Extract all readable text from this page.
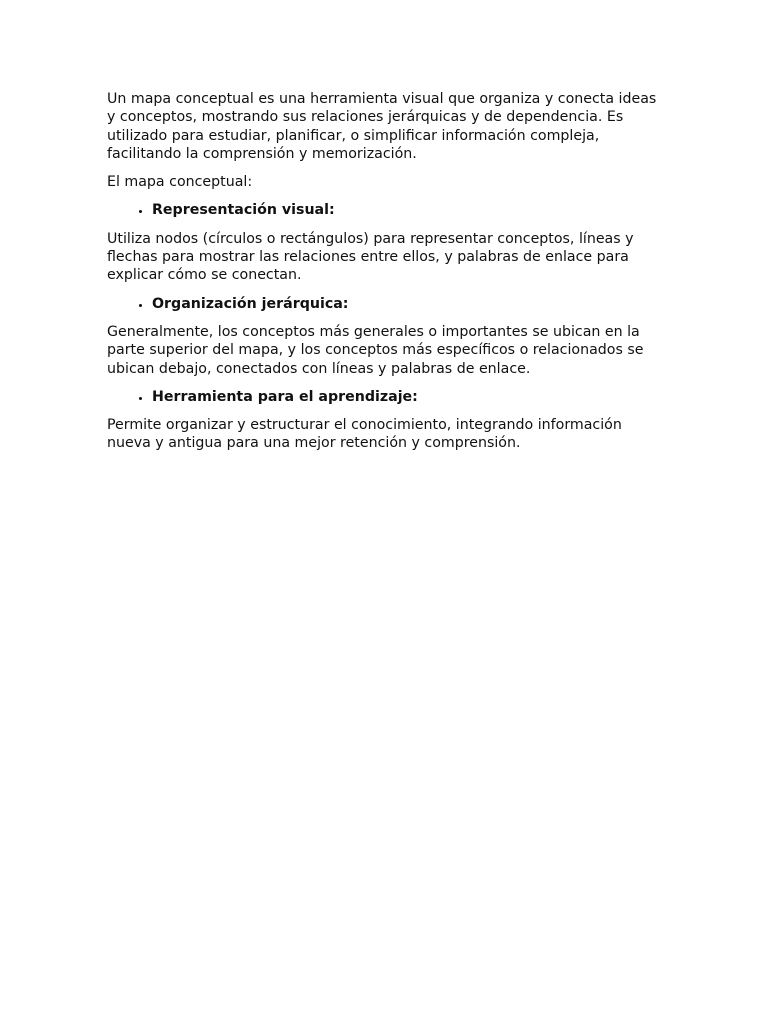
Un mapa conceptual es una herramienta visual que organiza y conecta ideas y conceptos, mostrando sus relaciones jerárquicas y de dependencia. Es utilizado para estudiar, planificar, o simplificar información compleja, facilitando la comprensión y memorización.

El mapa conceptual:

• Representación visual:

Utiliza nodos (círculos o rectángulos) para representar conceptos, líneas y flechas para mostrar las relaciones entre ellos, y palabras de enlace para explicar cómo se conectan.

• Organización jerárquica:

Generalmente, los conceptos más generales o importantes se ubican en la parte superior del mapa, y los conceptos más específicos o relacionados se ubican debajo, conectados con líneas y palabras de enlace.

• Herramienta para el aprendizaje:

Permite organizar y estructurar el conocimiento, integrando información nueva y antigua para una mejor retención y comprensión.
